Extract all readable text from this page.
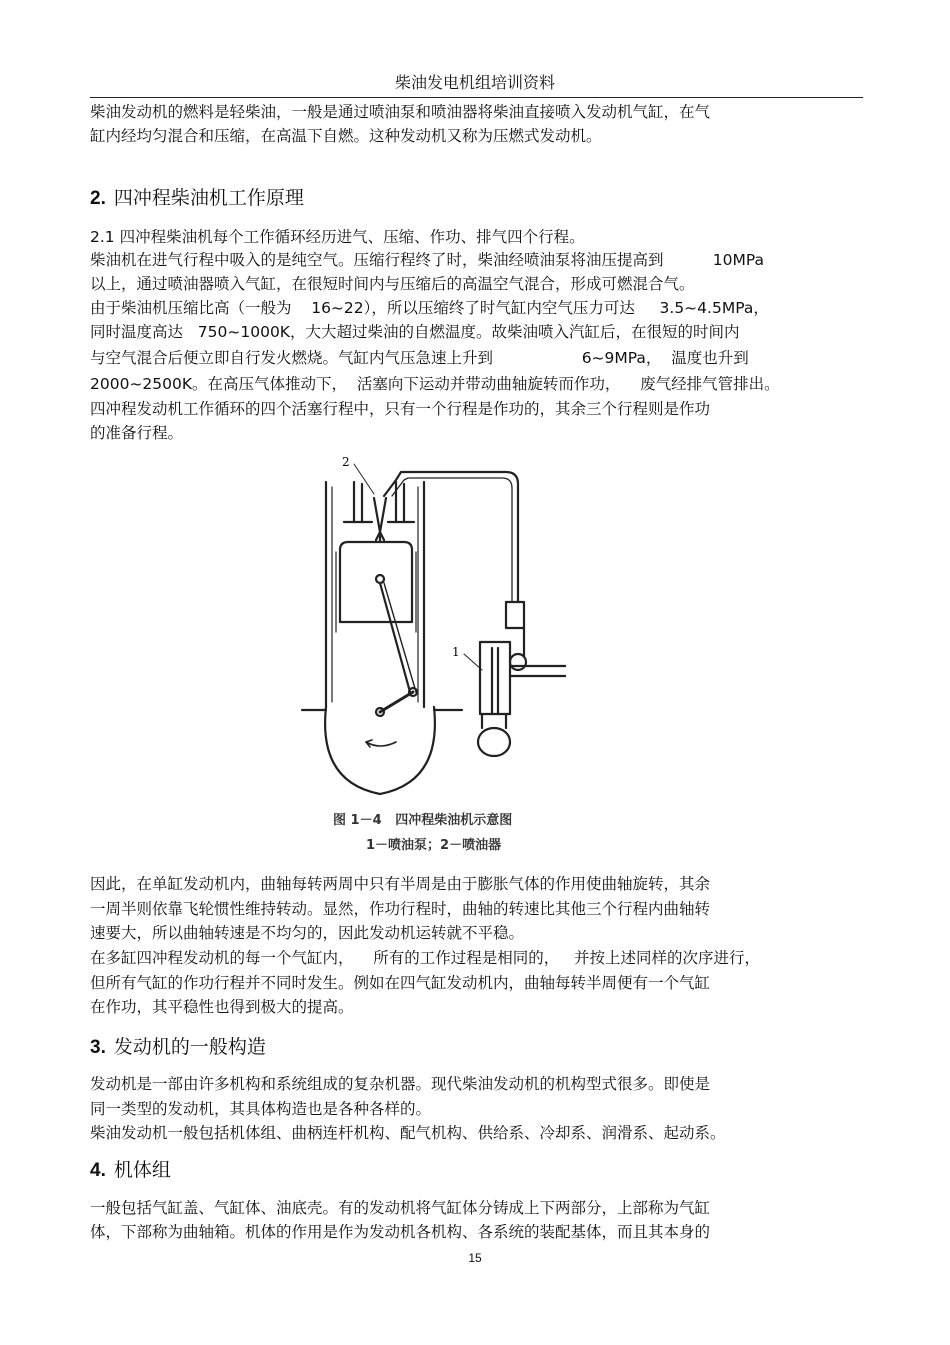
柴油发电机组培训资料
柴油发动机的燃料是轻柴油，一般是通过喷油泵和喷油器将柴油直接喷入发动机气缸，在气
缸内经均匀混合和压缩，在高温下自燃。这种发动机又称为压燃式发动机。
2. 四冲程柴油机工作原理
2.1 四冲程柴油机每个工作循环经历进气、压缩、作功、排气四个行程。
柴油机在进气行程中吸入的是纯空气。压缩行程终了时，柴油经喷油泵将油压提高到          10MPa
以上，通过喷油器喷入气缸，在很短时间内与压缩后的高温空气混合，形成可燃混合气。
由于柴油机压缩比高（一般为    16~22），所以压缩终了时气缸内空气压力可达     3.5~4.5MPa，
同时温度高达   750~1000K，大大超过柴油的自燃温度。故柴油喷入汽缸后，在很短的时间内
与空气混合后便立即自行发火燃烧。气缸内气压急速上升到                  6~9MPa，  温度也升到
2000~2500K。在高压气体推动下，  活塞向下运动并带动曲轴旋转而作功，    废气经排气管排出。
四冲程发动机工作循环的四个活塞行程中，只有一个行程是作功的，其余三个行程则是作功
的准备行程。
2
1
图 1－4   四冲程柴油机示意图
1－喷油泵；2－喷油器
因此，在单缸发动机内，曲轴每转两周中只有半周是由于膨胀气体的作用使曲轴旋转，其余
一周半则依靠飞轮惯性维持转动。显然，作功行程时，曲轴的转速比其他三个行程内曲轴转
速要大，所以曲轴转速是不均匀的，因此发动机运转就不平稳。
在多缸四冲程发动机的每一个气缸内，    所有的工作过程是相同的，   并按上述同样的次序进行，
但所有气缸的作功行程并不同时发生。例如在四气缸发动机内，曲轴每转半周便有一个气缸
在作功，其平稳性也得到极大的提高。
3. 发动机的一般构造
发动机是一部由许多机构和系统组成的复杂机器。现代柴油发动机的机构型式很多。即使是
同一类型的发动机，其具体构造也是各种各样的。
柴油发动机一般包括机体组、曲柄连杆机构、配气机构、供给系、冷却系、润滑系、起动系。
4. 机体组
一般包括气缸盖、气缸体、油底壳。有的发动机将气缸体分铸成上下两部分，上部称为气缸
体，下部称为曲轴箱。机体的作用是作为发动机各机构、各系统的装配基体，而且其本身的
15
